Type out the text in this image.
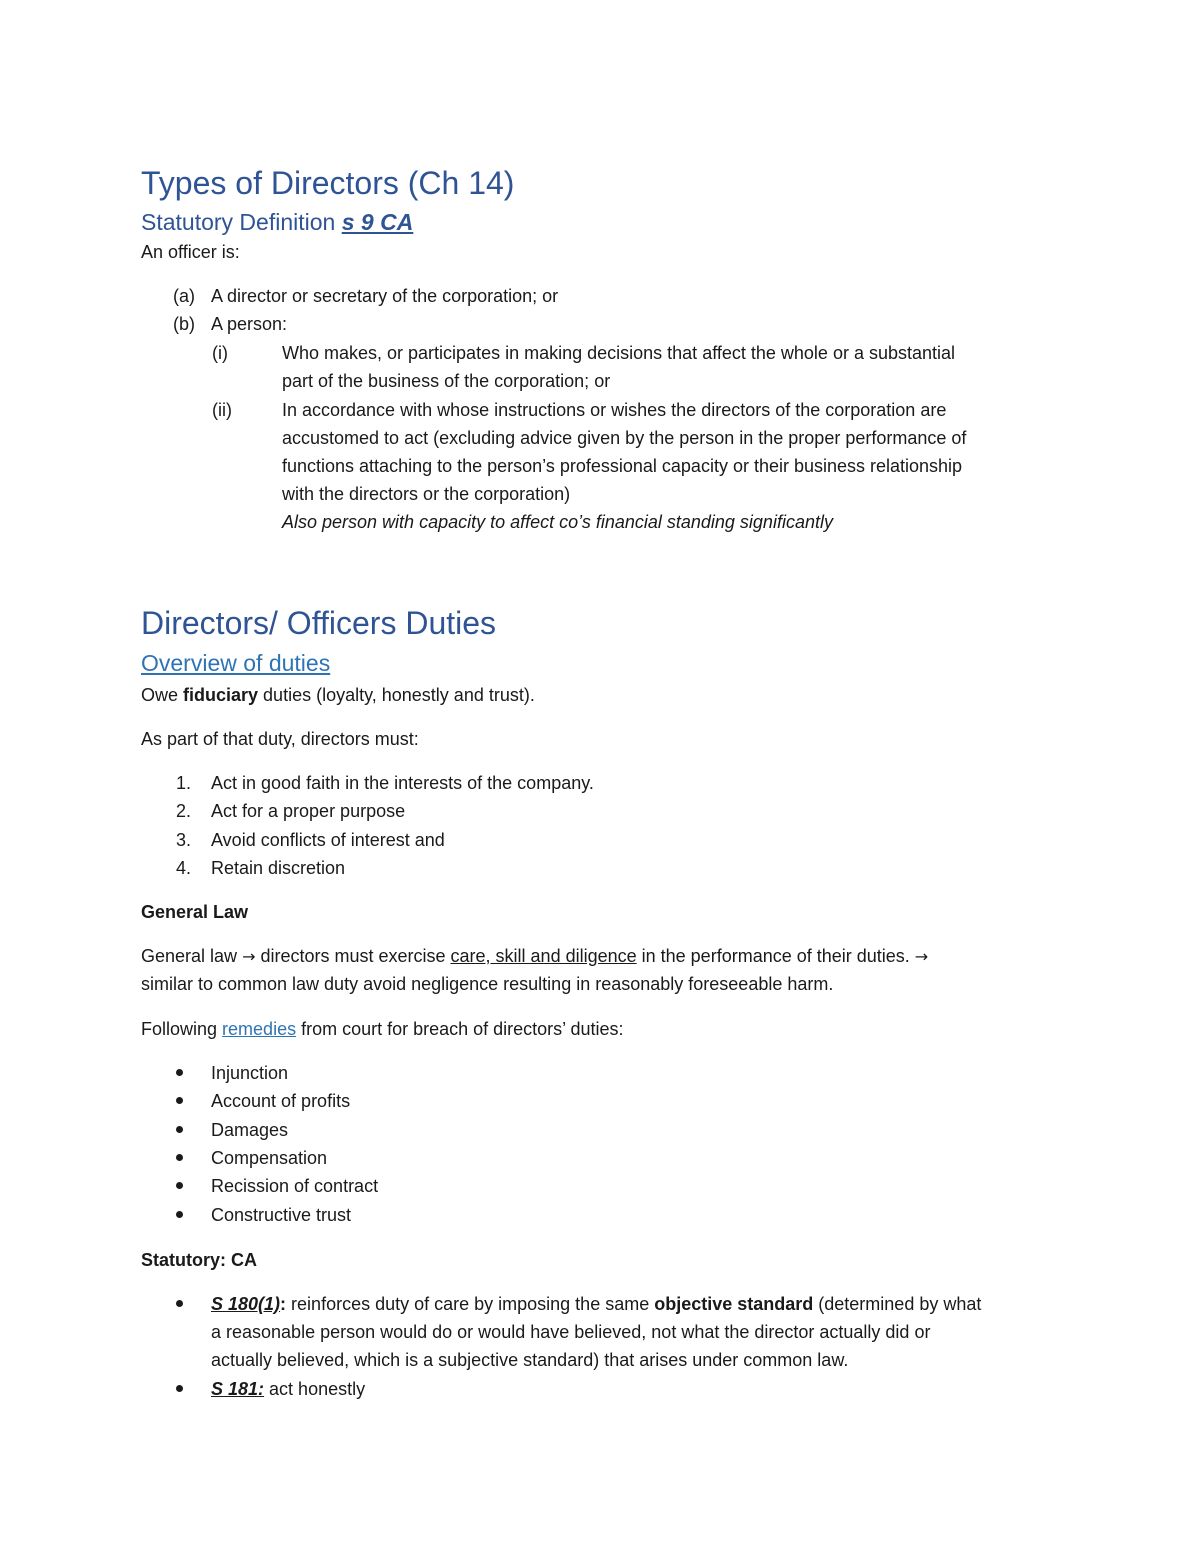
Types of Directors (Ch 14)
Statutory Definition s 9 CA
An officer is:
(a) A director or secretary of the corporation; or
(b) A person:
(i)	Who makes, or participates in making decisions that affect the whole or a substantial
part of the business of the corporation; or
(ii)	In accordance with whose instructions or wishes the directors of the corporation are
accustomed to act (excluding advice given by the person in the proper performance of
functions attaching to the person’s professional capacity or their business relationship
with the directors or the corporation)
Also person with capacity to affect co’s financial standing significantly
Directors/ Officers Duties
Overview of duties
Owe fiduciary duties (loyalty, honestly and trust).
As part of that duty, directors must:
1. Act in good faith in the interests of the company.
2. Act for a proper purpose
3. Avoid conflicts of interest and
4. Retain discretion
General Law
General law → directors must exercise care, skill and diligence in the performance of their duties. →
similar to common law duty avoid negligence resulting in reasonably foreseeable harm.
Following remedies from court for breach of directors’ duties:
Injunction
Account of profits
Damages
Compensation
Recission of contract
Constructive trust
Statutory: CA
S 180(1): reinforces duty of care by imposing the same objective standard (determined by what
a reasonable person would do or would have believed, not what the director actually did or
actually believed, which is a subjective standard) that arises under common law.
S 181: act honestly
